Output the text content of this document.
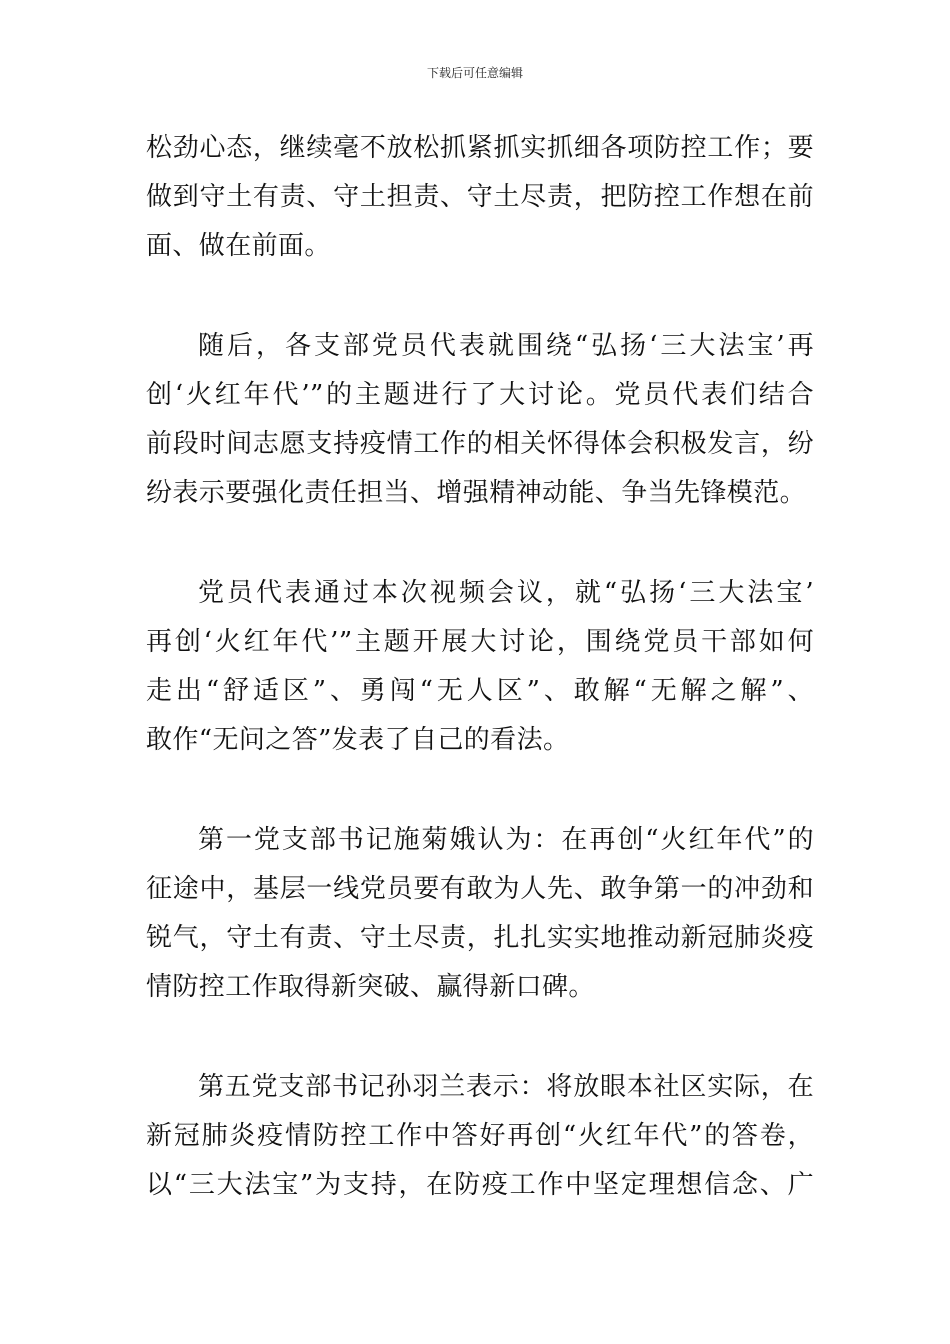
下载后可任意编辑
松劲心态，继续毫不放松抓紧抓实抓细各项防控工作；要
做到守土有责、守土担责、守土尽责，把防控工作想在前
面、做在前面。
随后，各支部党员代表就围绕“弘扬‘三大法宝’再
创‘火红年代’”的主题进行了大讨论。党员代表们结合
前段时间志愿支持疫情工作的相关怀得体会积极发言，纷
纷表示要强化责任担当、增强精神动能、争当先锋模范。
党员代表通过本次视频会议，就“弘扬‘三大法宝’
再创‘火红年代’”主题开展大讨论，围绕党员干部如何
走出“舒适区”、勇闯“无人区”、敢解“无解之解”、
敢作“无问之答”发表了自己的看法。
第一党支部书记施菊娥认为：在再创“火红年代”的
征途中，基层一线党员要有敢为人先、敢争第一的冲劲和
锐气，守土有责、守土尽责，扎扎实实地推动新冠肺炎疫
情防控工作取得新突破、赢得新口碑。
第五党支部书记孙羽兰表示：将放眼本社区实际，在
新冠肺炎疫情防控工作中答好再创“火红年代”的答卷，
以“三大法宝”为支持，在防疫工作中坚定理想信念、广
